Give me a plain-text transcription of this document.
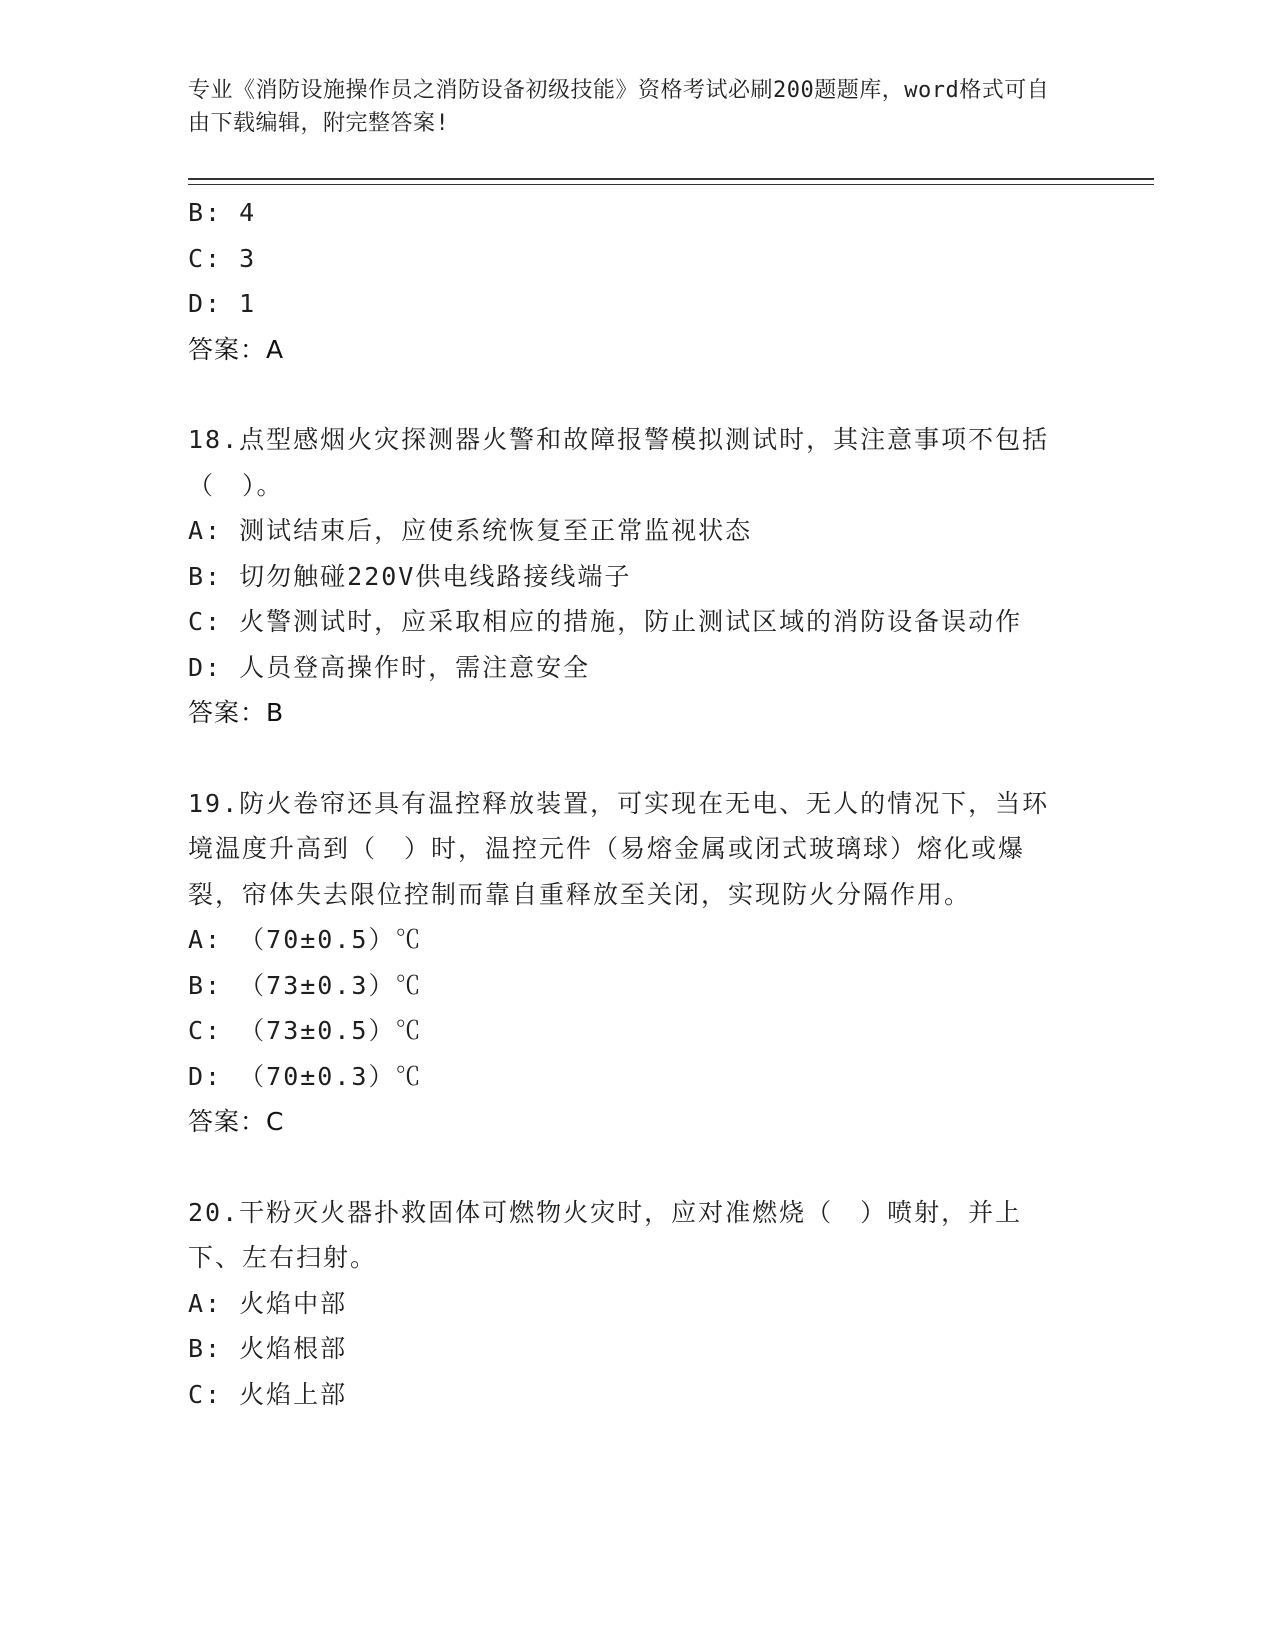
专业《消防设施操作员之消防设备初级技能》资格考试必刷200题题库，word格式可自由下载编辑，附完整答案!
B: 4
C: 3
D: 1
答案：A
18.点型感烟火灾探测器火警和故障报警模拟测试时，其注意事项不包括（　）。
A: 测试结束后，应使系统恢复至正常监视状态
B: 切勿触碰220V供电线路接线端子
C: 火警测试时，应采取相应的措施，防止测试区域的消防设备误动作
D: 人员登高操作时，需注意安全
答案：B
19.防火卷帘还具有温控释放装置，可实现在无电、无人的情况下，当环境温度升高到（　）时，温控元件（易熔金属或闭式玻璃球）熔化或爆裂，帘体失去限位控制而靠自重释放至关闭，实现防火分隔作用。
A: （70±0.5）℃
B: （73±0.3）℃
C: （73±0.5）℃
D: （70±0.3）℃
答案：C
20.干粉灭火器扑救固体可燃物火灾时，应对准燃烧（　）喷射，并上下、左右扫射。
A: 火焰中部
B: 火焰根部
C: 火焰上部
